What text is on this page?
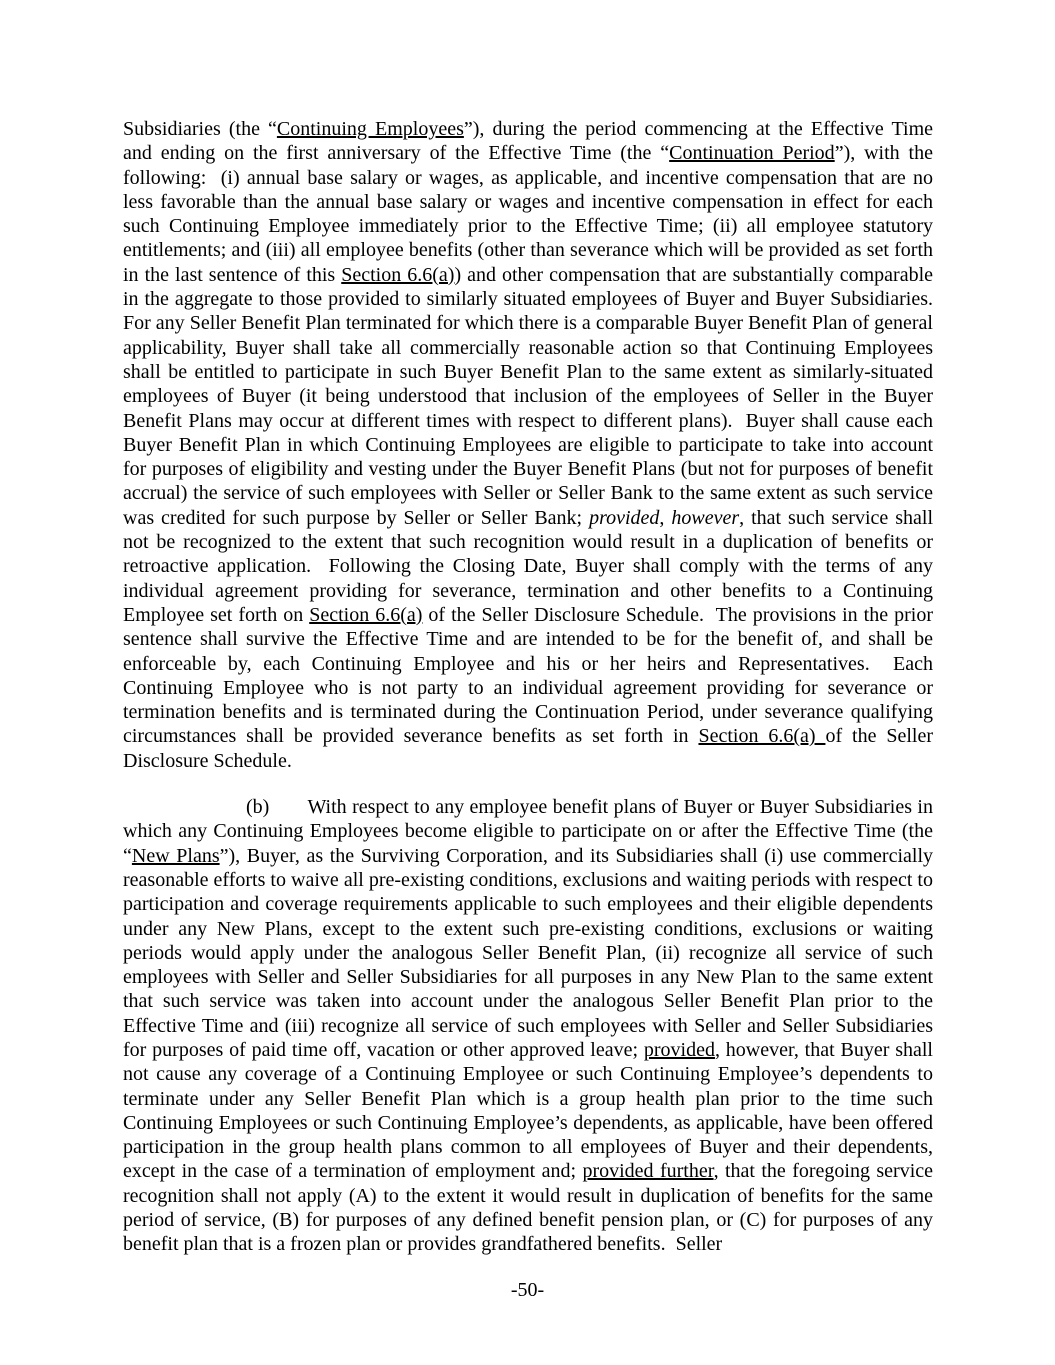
Subsidiaries (the “Continuing Employees”), during the period commencing at the Effective Time and ending on the first anniversary of the Effective Time (the “Continuation Period”), with the following:  (i) annual base salary or wages, as applicable, and incentive compensation that are no less favorable than the annual base salary or wages and incentive compensation in effect for each such Continuing Employee immediately prior to the Effective Time; (ii) all employee statutory entitlements; and (iii) all employee benefits (other than severance which will be provided as set forth in the last sentence of this Section 6.6(a)) and other compensation that are substantially comparable in the aggregate to those provided to similarly situated employees of Buyer and Buyer Subsidiaries.  For any Seller Benefit Plan terminated for which there is a comparable Buyer Benefit Plan of general applicability, Buyer shall take all commercially reasonable action so that Continuing Employees shall be entitled to participate in such Buyer Benefit Plan to the same extent as similarly-situated employees of Buyer (it being understood that inclusion of the employees of Seller in the Buyer Benefit Plans may occur at different times with respect to different plans).  Buyer shall cause each Buyer Benefit Plan in which Continuing Employees are eligible to participate to take into account for purposes of eligibility and vesting under the Buyer Benefit Plans (but not for purposes of benefit accrual) the service of such employees with Seller or Seller Bank to the same extent as such service was credited for such purpose by Seller or Seller Bank; provided, however, that such service shall not be recognized to the extent that such recognition would result in a duplication of benefits or retroactive application.  Following the Closing Date, Buyer shall comply with the terms of any individual agreement providing for severance, termination and other benefits to a Continuing Employee set forth on Section 6.6(a) of the Seller Disclosure Schedule.  The provisions in the prior sentence shall survive the Effective Time and are intended to be for the benefit of, and shall be enforceable by, each Continuing Employee and his or her heirs and Representatives.  Each Continuing Employee who is not party to an individual agreement providing for severance or termination benefits and is terminated during the Continuation Period, under severance qualifying circumstances shall be provided severance benefits as set forth in Section 6.6(a) of the Seller Disclosure Schedule.

(b) With respect to any employee benefit plans of Buyer or Buyer Subsidiaries in which any Continuing Employees become eligible to participate on or after the Effective Time (the “New Plans”), Buyer, as the Surviving Corporation, and its Subsidiaries shall (i) use commercially reasonable efforts to waive all pre-existing conditions, exclusions and waiting periods with respect to participation and coverage requirements applicable to such employees and their eligible dependents under any New Plans, except to the extent such pre-existing conditions, exclusions or waiting periods would apply under the analogous Seller Benefit Plan, (ii) recognize all service of such employees with Seller and Seller Subsidiaries for all purposes in any New Plan to the same extent that such service was taken into account under the analogous Seller Benefit Plan prior to the Effective Time and (iii) recognize all service of such employees with Seller and Seller Subsidiaries for purposes of paid time off, vacation or other approved leave; provided, however, that Buyer shall not cause any coverage of a Continuing Employee or such Continuing Employee’s dependents to terminate under any Seller Benefit Plan which is a group health plan prior to the time such Continuing Employees or such Continuing Employee’s dependents, as applicable, have been offered participation in the group health plans common to all employees of Buyer and their dependents, except in the case of a termination of employment and; provided further, that the foregoing service recognition shall not apply (A) to the extent it would result in duplication of benefits for the same period of service, (B) for purposes of any defined benefit pension plan, or (C) for purposes of any benefit plan that is a frozen plan or provides grandfathered benefits.  Seller

-50-
